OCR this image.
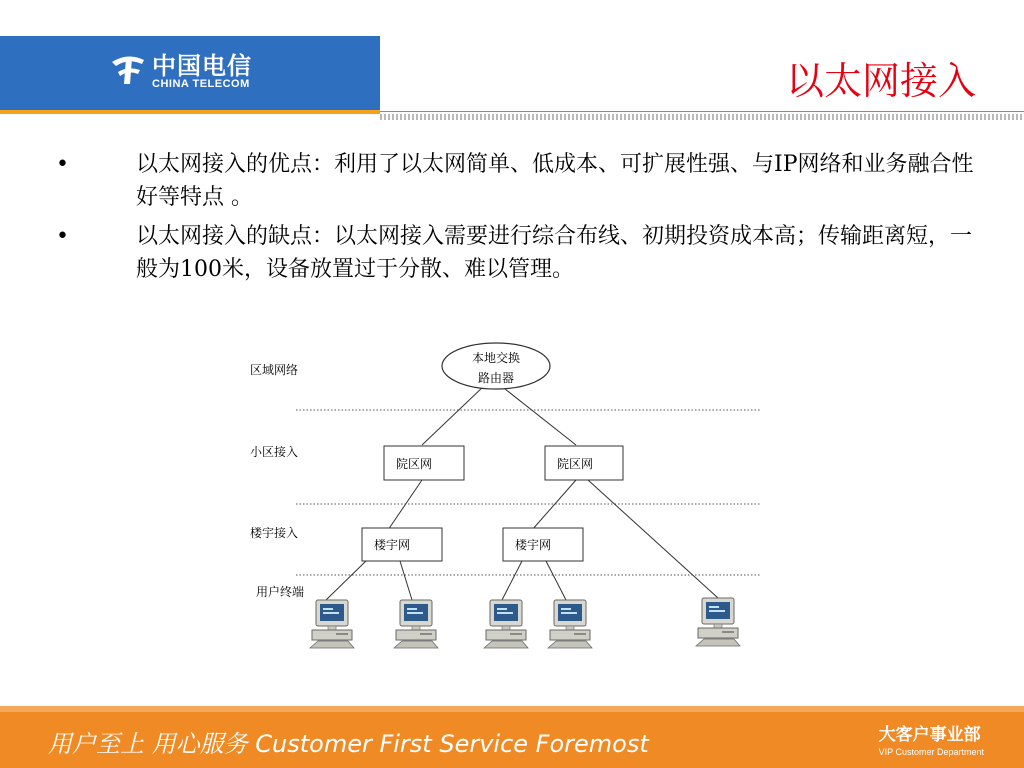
中国电信
CHINA TELECOM	以太网接入
•	以太网接入的优点：利用了以太网简单、低成本、可扩展性强、与IP网络和业务融合性好等特点 。
•	以太网接入的缺点：以太网接入需要进行综合布线、初期投资成本高；传输距离短，一般为100米，设备放置过于分散、难以管理。
区域网络
小区接入
楼宇接入
用户终端
本地交换
路由器
院区网	院区网
楼宇网	楼宇网
用户至上 用心服务 Customer First Service Foremost	大客户事业部
VIP Customer Department
